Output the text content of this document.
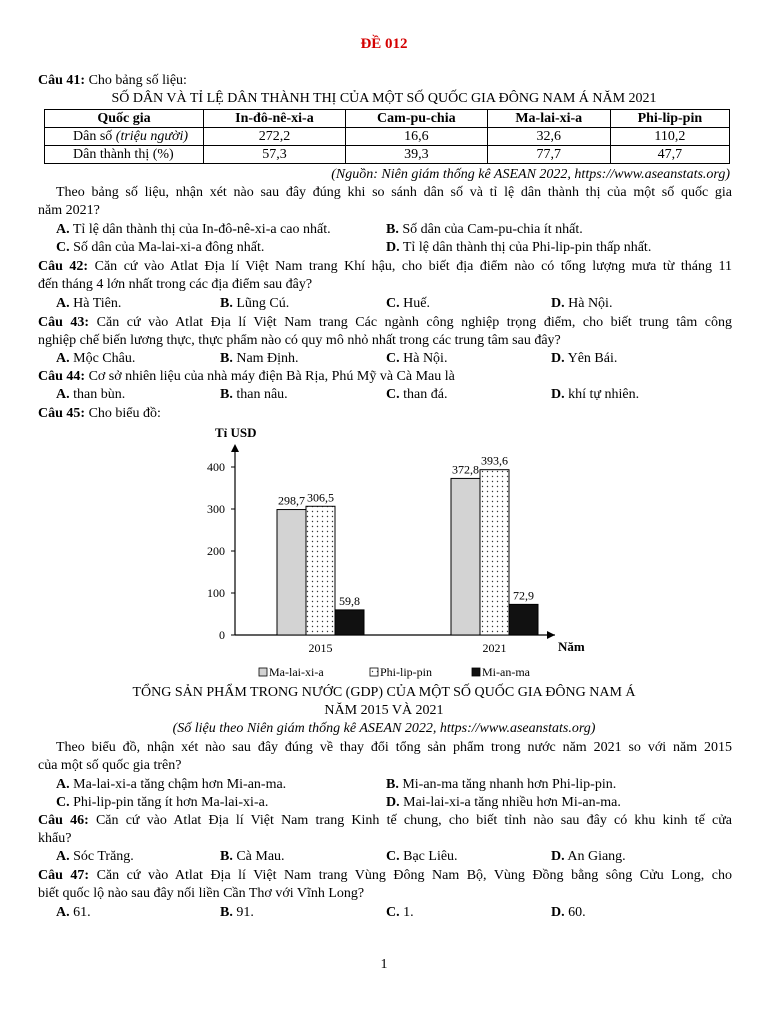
ĐỀ 012
Câu 41: Cho bảng số liệu:
SỐ DÂN VÀ TỈ LỆ DÂN THÀNH THỊ CỦA MỘT SỐ QUỐC GIA ĐÔNG NAM Á NĂM 2021
Quốc gia	In-đô-nê-xi-a	Cam-pu-chia	Ma-lai-xi-a	Phi-lip-pin
Dân số (triệu người)	272,2	16,6	32,6	110,2
Dân thành thị (%)	57,3	39,3	77,7	47,7
(Nguồn: Niên giám thống kê ASEAN 2022, https://www.aseanstats.org)
Theo bảng số liệu, nhận xét nào sau đây đúng khi so sánh dân số và tỉ lệ dân thành thị của một số quốc gia
năm 2021?
A. Tỉ lệ dân thành thị của In-đô-nê-xi-a cao nhất.	B. Số dân của Cam-pu-chia ít nhất.
C. Số dân của Ma-lai-xi-a đông nhất.	D. Tỉ lệ dân thành thị của Phi-lip-pin thấp nhất.
Câu 42: Căn cứ vào Atlat Địa lí Việt Nam trang Khí hậu, cho biết địa điểm nào có tổng lượng mưa từ tháng 11
đến tháng 4 lớn nhất trong các địa điểm sau đây?
A. Hà Tiên.	B. Lũng Cú.	C. Huế.	D. Hà Nội.
Câu 43: Căn cứ vào Atlat Địa lí Việt Nam trang Các ngành công nghiệp trọng điểm, cho biết trung tâm công
nghiệp chế biến lương thực, thực phẩm nào có quy mô nhỏ nhất trong các trung tâm sau đây?
A. Mộc Châu.	B. Nam Định.	C. Hà Nội.	D. Yên Bái.
Câu 44: Cơ sở nhiên liệu của nhà máy điện Bà Rịa, Phú Mỹ và Cà Mau là
A. than bùn.	B. than nâu.	C. than đá.	D. khí tự nhiên.
Câu 45: Cho biểu đồ:
Tỉ USD
0
100
200
300
400
Năm
298,7 306,5
59,8
2015
372,8
393,6
72,9
2021
Ma-lai-xi-a	Phi-lip-pin	Mi-an-ma
TỔNG SẢN PHẨM TRONG NƯỚC (GDP) CỦA MỘT SỐ QUỐC GIA ĐÔNG NAM Á
NĂM 2015 VÀ 2021
(Số liệu theo Niên giám thống kê ASEAN 2022, https://www.aseanstats.org)
Theo biểu đồ, nhận xét nào sau đây đúng về thay đổi tổng sản phẩm trong nước năm 2021 so với năm 2015
của một số quốc gia trên?
A. Ma-lai-xi-a tăng chậm hơn Mi-an-ma.	B. Mi-an-ma tăng nhanh hơn Phi-lip-pin.
C. Phi-lip-pin tăng ít hơn Ma-lai-xi-a.	D. Mai-lai-xi-a tăng nhiều hơn Mi-an-ma.
Câu 46: Căn cứ vào Atlat Địa lí Việt Nam trang Kinh tế chung, cho biết tỉnh nào sau đây có khu kinh tế cửa
khẩu?
A. Sóc Trăng.	B. Cà Mau.	C. Bạc Liêu.	D. An Giang.
Câu 47: Căn cứ vào Atlat Địa lí Việt Nam trang Vùng Đông Nam Bộ, Vùng Đồng bằng sông Cửu Long, cho
biết quốc lộ nào sau đây nối liền Cần Thơ với Vĩnh Long?
A. 61.	B. 91.	C. 1.	D. 60.
1
